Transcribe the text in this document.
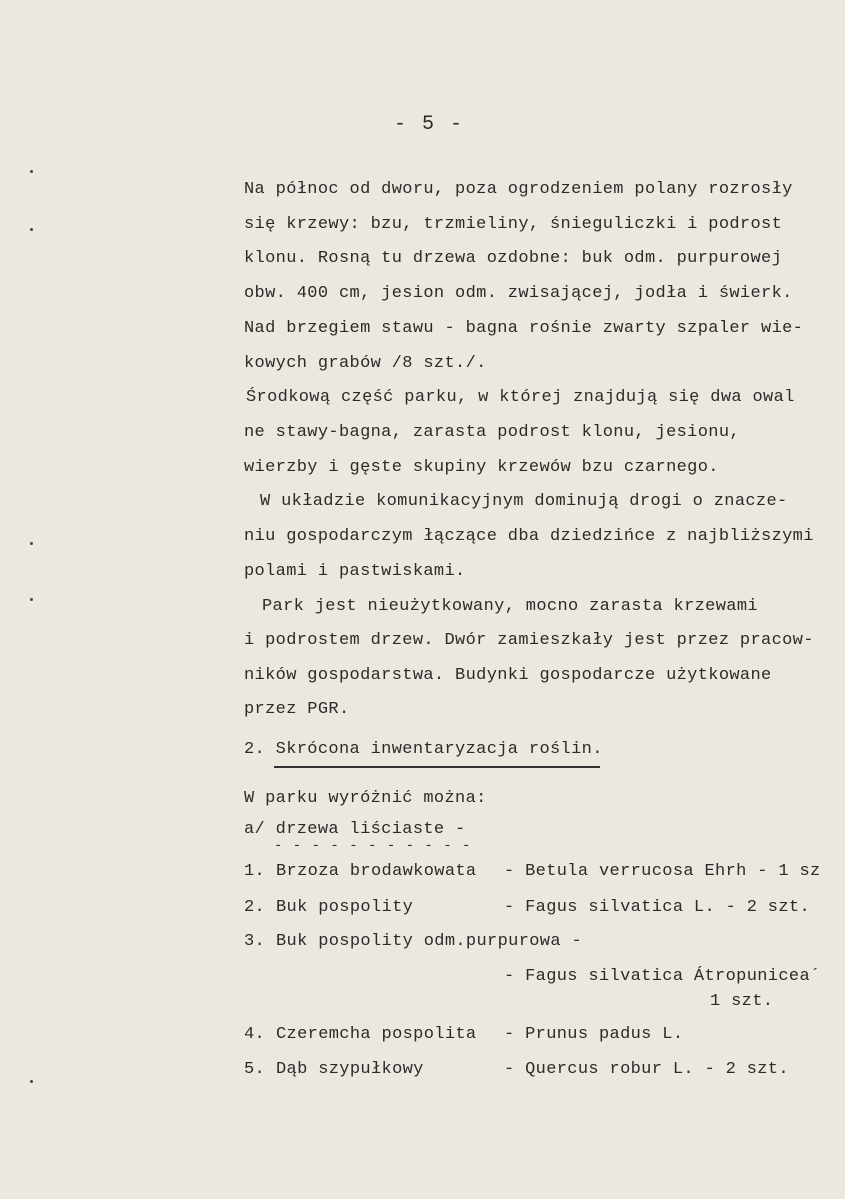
- 5 -
Na północ od dworu, poza ogrodzeniem polany rozrosły
się krzewy: bzu, trzmieliny, śnieguliczki i podrost
klonu. Rosną tu drzewa ozdobne: buk odm. purpurowej
obw. 400 cm, jesion odm. zwisającej, jodła i świerk.
Nad brzegiem stawu - bagna rośnie zwarty szpaler wie-
kowych grabów /8 szt./.
Środkową część parku, w której znajdują się dwa owal
ne stawy-bagna, zarasta podrost klonu, jesionu,
wierzby i gęste skupiny krzewów bzu czarnego.
W układzie komunikacyjnym dominują drogi o znacze-
niu gospodarczym łączące dba dziedzińce z najbliższymi
polami i pastwiskami.
Park jest nieużytkowany, mocno zarasta krzewami
i podrostem drzew. Dwór zamieszkały jest przez pracow-
ników gospodarstwa. Budynki gospodarcze użytkowane
przez PGR.
2. Skrócona inwentaryzacja roślin.
W parku wyróżnić można:
a/ drzewa liściaste -
- - - - - - - - - - -
1. Brzoza brodawkowata - Betula verrucosa Ehrh - 1 sz
2. Buk pospolity	- Fagus silvatica L. - 2 szt.
3. Buk pospolity odm.purpurowa -
- Fagus silvatica Átropunicea´
1 szt.
4. Czeremcha pospolita - Prunus padus L.
5. Dąb szypułkowy	- Quercus robur L. - 2 szt.
